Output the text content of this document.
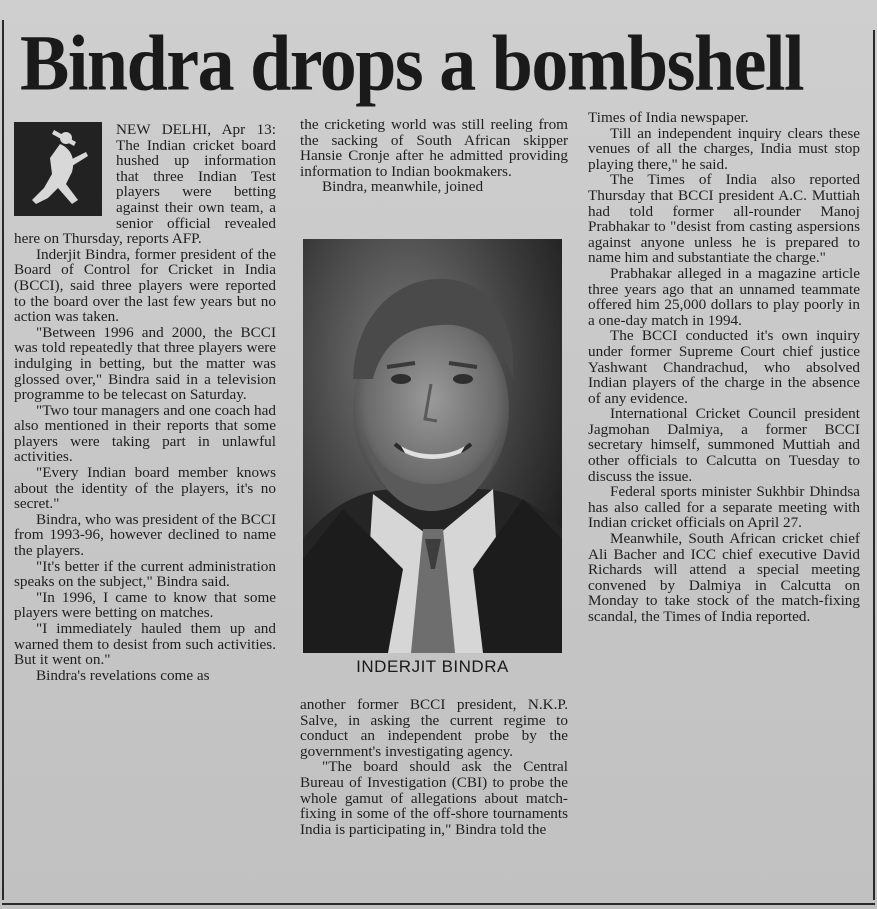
Bindra drops a bombshell

NEW DELHI, Apr 13: The Indian cricket board hushed up information that three Indian Test players were betting against their own team, a senior official revealed here on Thursday, reports AFP.

Inderjit Bindra, former president of the Board of Control for Cricket in India (BCCI), said three players were reported to the board over the last few years but no action was taken.

"Between 1996 and 2000, the BCCI was told repeatedly that three players were indulging in betting, but the matter was glossed over," Bindra said in a television programme to be telecast on Saturday.

"Two tour managers and one coach had also mentioned in their reports that some players were taking part in unlawful activities.

"Every Indian board member knows about the identity of the players, it's no secret."

Bindra, who was president of the BCCI from 1993-96, however declined to name the players.

"It's better if the current administration speaks on the subject," Bindra said.

"In 1996, I came to know that some players were betting on matches.

"I immediately hauled them up and warned them to desist from such activities. But it went on."

Bindra's revelations come as

the cricketing world was still reeling from the sacking of South African skipper Hansie Cronje after he admitted providing information to Indian bookmakers.

Bindra, meanwhile, joined

INDERJIT BINDRA

another former BCCI president, N.K.P. Salve, in asking the current regime to conduct an independent probe by the government's investigating agency.

"The board should ask the Central Bureau of Investigation (CBI) to probe the whole gamut of allegations about match-fixing in some of the off-shore tournaments India is participating in," Bindra told the

Times of India newspaper.

Till an independent inquiry clears these venues of all the charges, India must stop playing there," he said.

The Times of India also reported Thursday that BCCI president A.C. Muttiah had told former all-rounder Manoj Prabhakar to "desist from casting aspersions against anyone unless he is prepared to name him and substantiate the charge."

Prabhakar alleged in a magazine article three years ago that an unnamed teammate offered him 25,000 dollars to play poorly in a one-day match in 1994.

The BCCI conducted it's own inquiry under former Supreme Court chief justice Yashwant Chandrachud, who absolved Indian players of the charge in the absence of any evidence.

International Cricket Council president Jagmohan Dalmiya, a former BCCI secretary himself, summoned Muttiah and other officials to Calcutta on Tuesday to discuss the issue.

Federal sports minister Sukhbir Dhindsa has also called for a separate meeting with Indian cricket officials on April 27.

Meanwhile, South African cricket chief Ali Bacher and ICC chief executive David Richards will attend a special meeting convened by Dalmiya in Calcutta on Monday to take stock of the match-fixing scandal, the Times of India reported.
